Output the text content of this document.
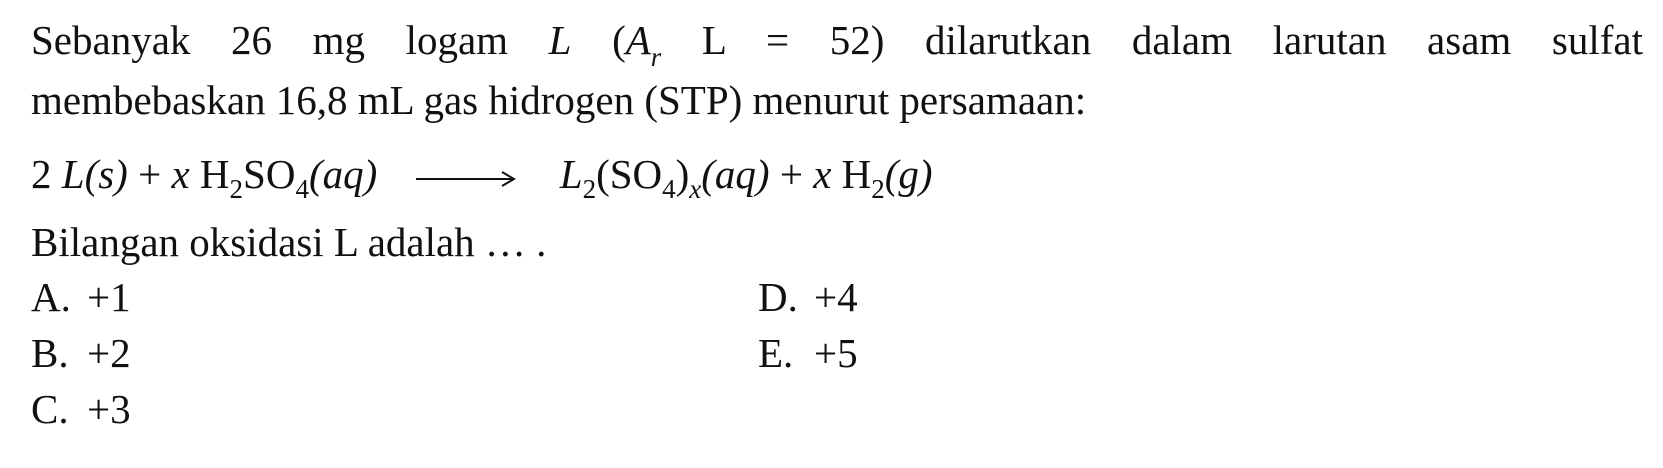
Sebanyak 26 mg logam L ($A_r$ L = 52) dilarutkan dalam larutan asam sulfat
membebaskan 16,8 mL gas hidrogen (STP) menurut persamaan:
2 L(s) + x $H_2SO_4(aq) \to L_2(SO_4)_x(aq) + x$ $H_2(g)$
Bilangan oksidasi L adalah … .
A. +1
B. +2
C. +3
D. +4
E. +5
